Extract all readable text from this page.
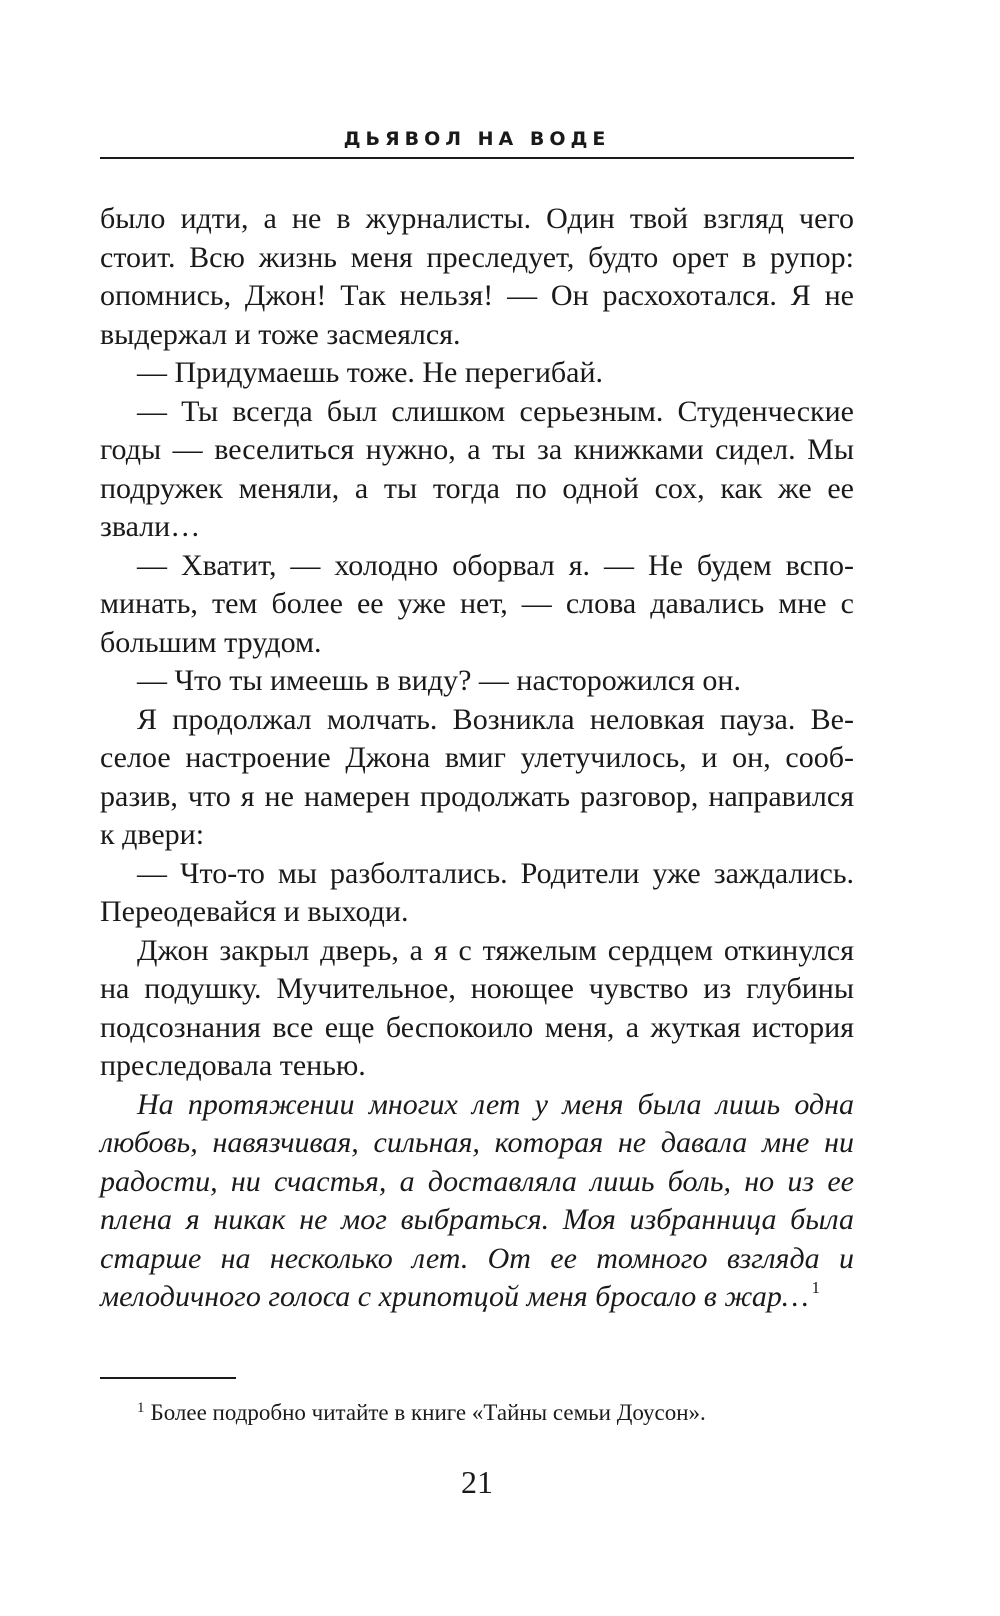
ДЬЯВОЛ НА ВОДЕ

было идти, а не в журналисты. Один твой взгляд чего стоит. Всю жизнь меня преследует, будто орет в рупор: опомнись, Джон! Так нельзя! — Он расхохотался. Я не выдержал и тоже засмеялся.

— Придумаешь тоже. Не перегибай.

— Ты всегда был слишком серьезным. Студенческие годы — веселиться нужно, а ты за книжками сидел. Мы подружек меняли, а ты тогда по одной сох, как же ее звали…

— Хватит, — холодно оборвал я. — Не будем вспоминать, тем более ее уже нет, — слова давались мне с большим трудом.

— Что ты имеешь в виду? — насторожился он.

Я продолжал молчать. Возникла неловкая пауза. Веселое настроение Джона вмиг улетучилось, и он, сообразив, что я не намерен продолжать разговор, направился к двери:

— Что-то мы разболтались. Родители уже заждались. Переодевайся и выходи.

Джон закрыл дверь, а я с тяжелым сердцем откинулся на подушку. Мучительное, ноющее чувство из глубины подсознания все еще беспокоило меня, а жуткая история преследовала тенью.

На протяжении многих лет у меня была лишь одна любовь, навязчивая, сильная, которая не давала мне ни радости, ни счастья, а доставляла лишь боль, но из ее плена я никак не мог выбраться. Моя избранница была старше на несколько лет. От ее томного взгляда и мелодичного голоса с хрипотцой меня бросало в жар… $^1$

$^1$ Более подробно читайте в книге «Тайны семьи Доусон».
21
